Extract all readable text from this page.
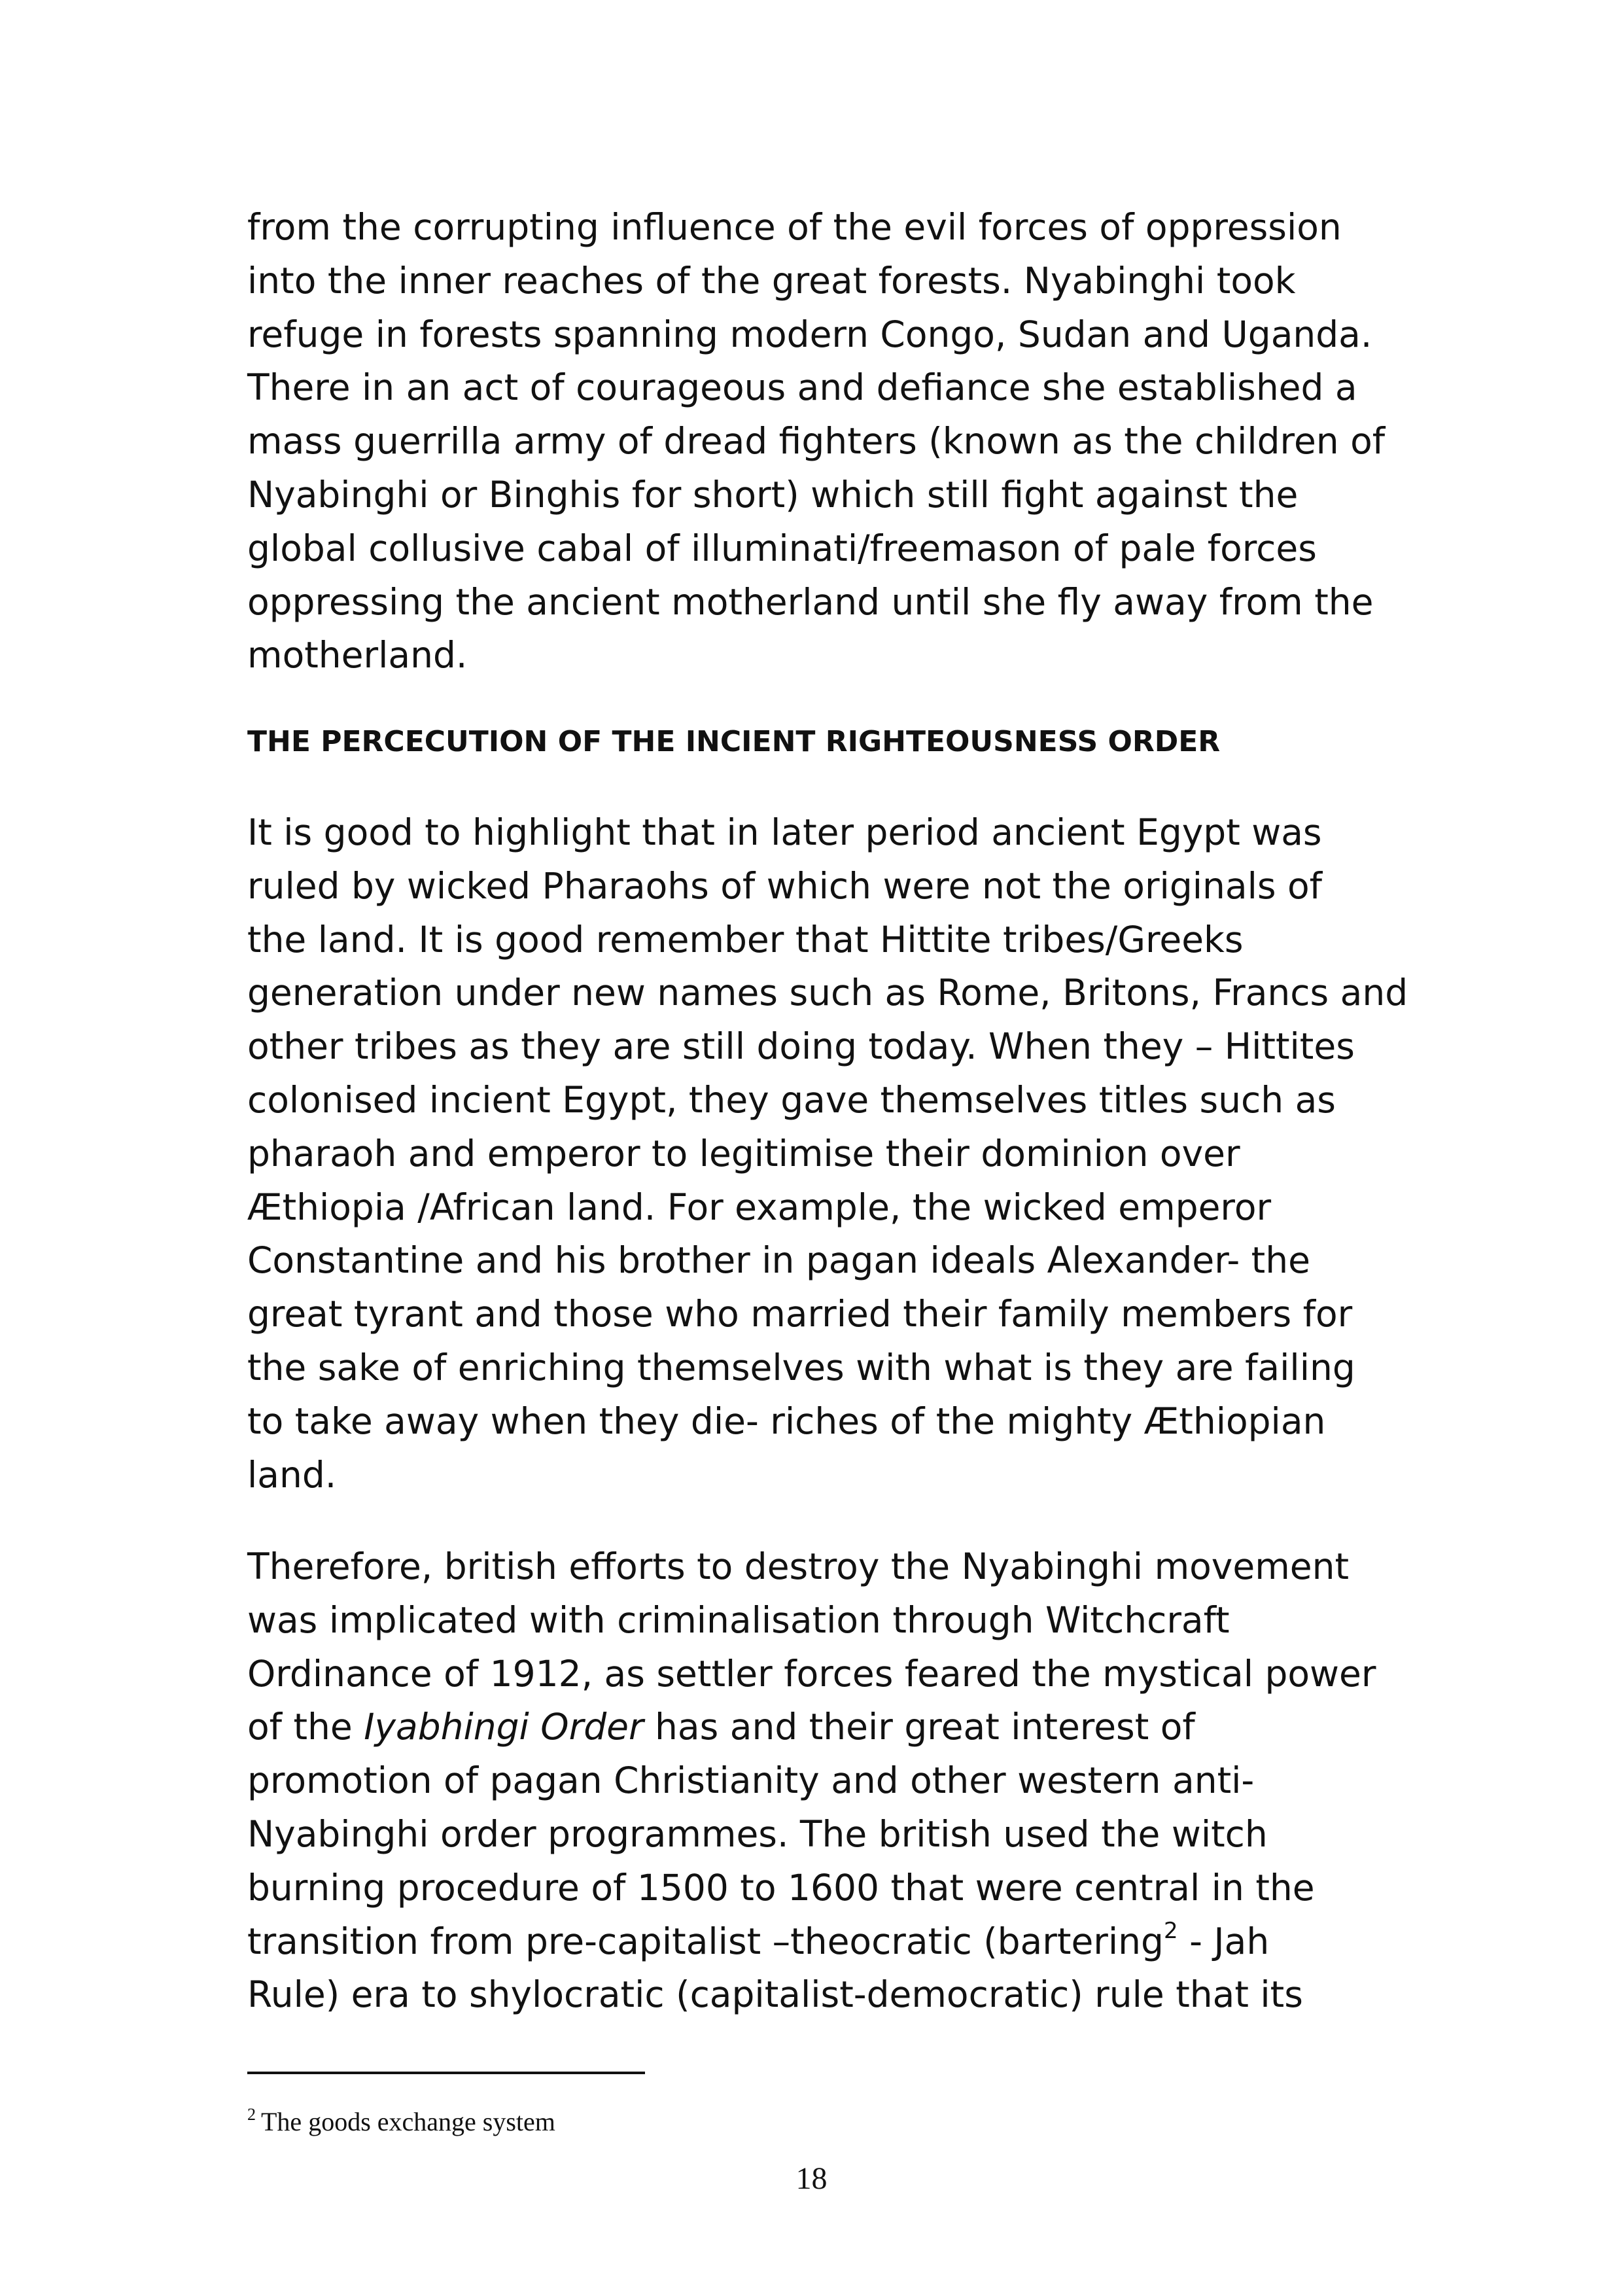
from the corrupting influence of the evil forces of oppression
into the inner reaches of the great forests. Nyabinghi took
refuge in forests spanning modern Congo, Sudan and Uganda.
There in an act of courageous and defiance she established a
mass guerrilla army of dread fighters (known as the children of
Nyabinghi or Binghis for short) which still fight against the
global collusive cabal of illuminati/freemason of pale forces
oppressing the ancient motherland until she fly away from the
motherland.
THE PERCECUTION OF THE INCIENT RIGHTEOUSNESS ORDER
It is good to highlight that in later period ancient Egypt was
ruled by wicked Pharaohs of which were not the originals of
the land. It is good remember that Hittite tribes/Greeks
generation under new names such as Rome, Britons, Francs and
other tribes as they are still doing today. When they – Hittites
colonised incient Egypt, they gave themselves titles such as
pharaoh and emperor to legitimise their dominion over
Æthiopia /African land. For example, the wicked emperor
Constantine and his brother in pagan ideals Alexander- the
great tyrant and those who married their family members for
the sake of enriching themselves with what is they are failing
to take away when they die- riches of the mighty Æthiopian
land.
Therefore, british efforts to destroy the Nyabinghi movement
was implicated with criminalisation through Witchcraft
Ordinance of 1912, as settler forces feared the mystical power
of the Iyabhingi Order has and their great interest of
promotion of pagan Christianity and other western anti-
Nyabinghi order programmes. The british used the witch
burning procedure of 1500 to 1600 that were central in the
transition from pre-capitalist –theocratic (bartering$^2$ - Jah
Rule) era to shylocratic (capitalist-democratic) rule that its
$^2$ The goods exchange system
18
